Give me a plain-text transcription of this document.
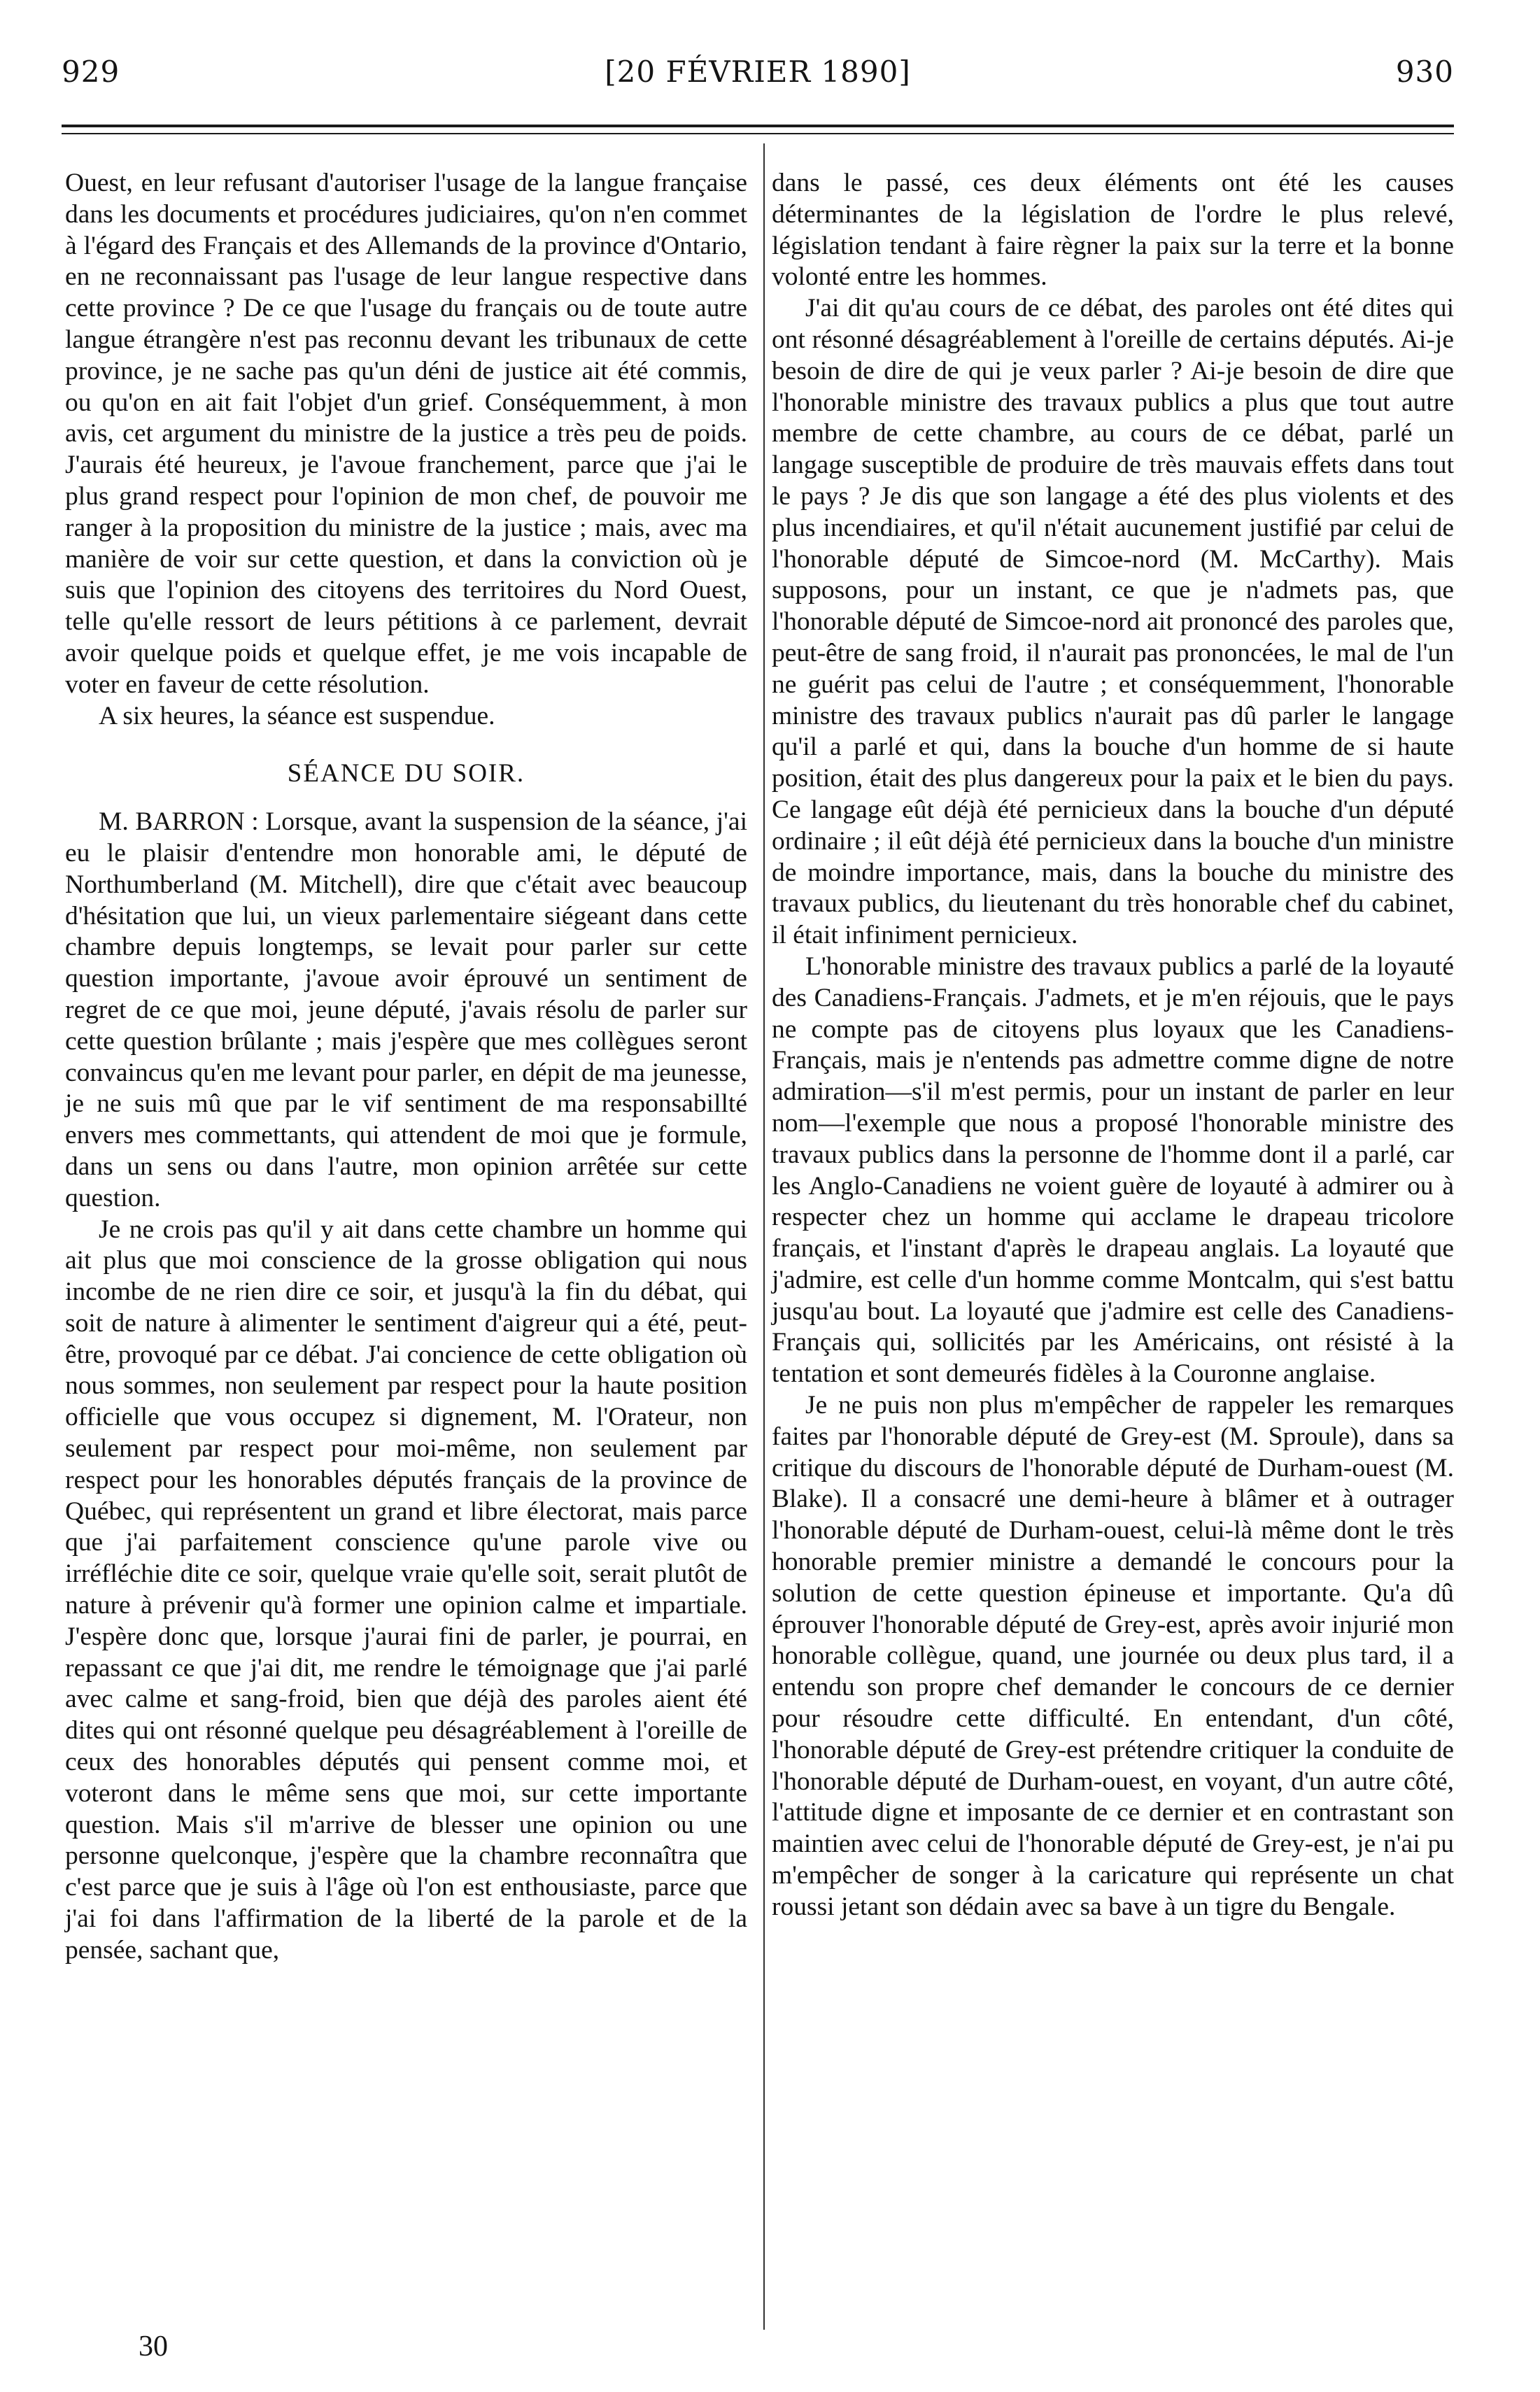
929	[20 FÉVRIER 1890]	930

Ouest, en leur refusant d'autoriser l'usage de la langue française dans les documents et procédures judiciaires, qu'on n'en commet à l'égard des Français et des Allemands de la province d'Ontario, en ne reconnaissant pas l'usage de leur langue respective dans cette province ? De ce que l'usage du français ou de toute autre langue étrangère n'est pas reconnu devant les tribunaux de cette province, je ne sache pas qu'un déni de justice ait été commis, ou qu'on en ait fait l'objet d'un grief. Conséquemment, à mon avis, cet argument du ministre de la justice a très peu de poids. J'aurais été heureux, je l'avoue franchement, parce que j'ai le plus grand respect pour l'opinion de mon chef, de pouvoir me ranger à la proposition du ministre de la justice ; mais, avec ma manière de voir sur cette question, et dans la conviction où je suis que l'opinion des citoyens des territoires du Nord Ouest, telle qu'elle ressort de leurs pétitions à ce parlement, devrait avoir quelque poids et quelque effet, je me vois incapable de voter en faveur de cette résolution.

A six heures, la séance est suspendue.

SÉANCE DU SOIR.

M. BARRON : Lorsque, avant la suspension de la séance, j'ai eu le plaisir d'entendre mon honorable ami, le député de Northumberland (M. Mitchell), dire que c'était avec beaucoup d'hésitation que lui, un vieux parlementaire siégeant dans cette chambre depuis longtemps, se levait pour parler sur cette question importante, j'avoue avoir éprouvé un sentiment de regret de ce que moi, jeune député, j'avais résolu de parler sur cette question brûlante ; mais j'espère que mes collègues seront convaincus qu'en me levant pour parler, en dépit de ma jeunesse, je ne suis mû que par le vif sentiment de ma responsabillté envers mes commettants, qui attendent de moi que je formule, dans un sens ou dans l'autre, mon opinion arrêtée sur cette question.

Je ne crois pas qu'il y ait dans cette chambre un homme qui ait plus que moi conscience de la grosse obligation qui nous incombe de ne rien dire ce soir, et jusqu'à la fin du débat, qui soit de nature à alimenter le sentiment d'aigreur qui a été, peut-être, provoqué par ce débat. J'ai concience de cette obligation où nous sommes, non seulement par respect pour la haute position officielle que vous occupez si dignement, M. l'Orateur, non seulement par respect pour moi-même, non seulement par respect pour les honorables députés français de la province de Québec, qui représentent un grand et libre électorat, mais parce que j'ai parfaitement conscience qu'une parole vive ou irréfléchie dite ce soir, quelque vraie qu'elle soit, serait plutôt de nature à prévenir qu'à former une opinion calme et impartiale. J'espère donc que, lorsque j'aurai fini de parler, je pourrai, en repassant ce que j'ai dit, me rendre le témoignage que j'ai parlé avec calme et sang-froid, bien que déjà des paroles aient été dites qui ont résonné quelque peu désagréablement à l'oreille de ceux des honorables députés qui pensent comme moi, et voteront dans le même sens que moi, sur cette importante question. Mais s'il m'arrive de blesser une opinion ou une personne quelconque, j'espère que la chambre reconnaîtra que c'est parce que je suis à l'âge où l'on est enthousiaste, parce que j'ai foi dans l'affirmation de la liberté de la parole et de la pensée, sachant que,

dans le passé, ces deux éléments ont été les causes déterminantes de la législation de l'ordre le plus relevé, législation tendant à faire règner la paix sur la terre et la bonne volonté entre les hommes.

J'ai dit qu'au cours de ce débat, des paroles ont été dites qui ont résonné désagréablement à l'oreille de certains députés. Ai-je besoin de dire de qui je veux parler ? Ai-je besoin de dire que l'honorable ministre des travaux publics a plus que tout autre membre de cette chambre, au cours de ce débat, parlé un langage susceptible de produire de très mauvais effets dans tout le pays ? Je dis que son langage a été des plus violents et des plus incendiaires, et qu'il n'était aucunement justifié par celui de l'honorable député de Simcoe-nord (M. McCarthy). Mais supposons, pour un instant, ce que je n'admets pas, que l'honorable député de Simcoe-nord ait prononcé des paroles que, peut-être de sang froid, il n'aurait pas prononcées, le mal de l'un ne guérit pas celui de l'autre ; et conséquemment, l'honorable ministre des travaux publics n'aurait pas dû parler le langage qu'il a parlé et qui, dans la bouche d'un homme de si haute position, était des plus dangereux pour la paix et le bien du pays. Ce langage eût déjà été pernicieux dans la bouche d'un député ordinaire ; il eût déjà été pernicieux dans la bouche d'un ministre de moindre importance, mais, dans la bouche du ministre des travaux publics, du lieutenant du très honorable chef du cabinet, il était infiniment pernicieux.

L'honorable ministre des travaux publics a parlé de la loyauté des Canadiens-Français. J'admets, et je m'en réjouis, que le pays ne compte pas de citoyens plus loyaux que les Canadiens-Français, mais je n'entends pas admettre comme digne de notre admiration—s'il m'est permis, pour un instant de parler en leur nom—l'exemple que nous a proposé l'honorable ministre des travaux publics dans la personne de l'homme dont il a parlé, car les Anglo-Canadiens ne voient guère de loyauté à admirer ou à respecter chez un homme qui acclame le drapeau tricolore français, et l'instant d'après le drapeau anglais. La loyauté que j'admire, est celle d'un homme comme Montcalm, qui s'est battu jusqu'au bout. La loyauté que j'admire est celle des Canadiens-Français qui, sollicités par les Américains, ont résisté à la tentation et sont demeurés fidèles à la Couronne anglaise.

Je ne puis non plus m'empêcher de rappeler les remarques faites par l'honorable député de Grey-est (M. Sproule), dans sa critique du discours de l'honorable député de Durham-ouest (M. Blake). Il a consacré une demi-heure à blâmer et à outrager l'honorable député de Durham-ouest, celui-là même dont le très honorable premier ministre a demandé le concours pour la solution de cette question épineuse et importante. Qu'a dû éprouver l'honorable député de Grey-est, après avoir injurié mon honorable collègue, quand, une journée ou deux plus tard, il a entendu son propre chef demander le concours de ce dernier pour résoudre cette difficulté. En entendant, d'un côté, l'honorable député de Grey-est prétendre critiquer la conduite de l'honorable député de Durham-ouest, en voyant, d'un autre côté, l'attitude digne et imposante de ce dernier et en contrastant son maintien avec celui de l'honorable député de Grey-est, je n'ai pu m'empêcher de songer à la caricature qui représente un chat roussi jetant son dédain avec sa bave à un tigre du Bengale.

30
